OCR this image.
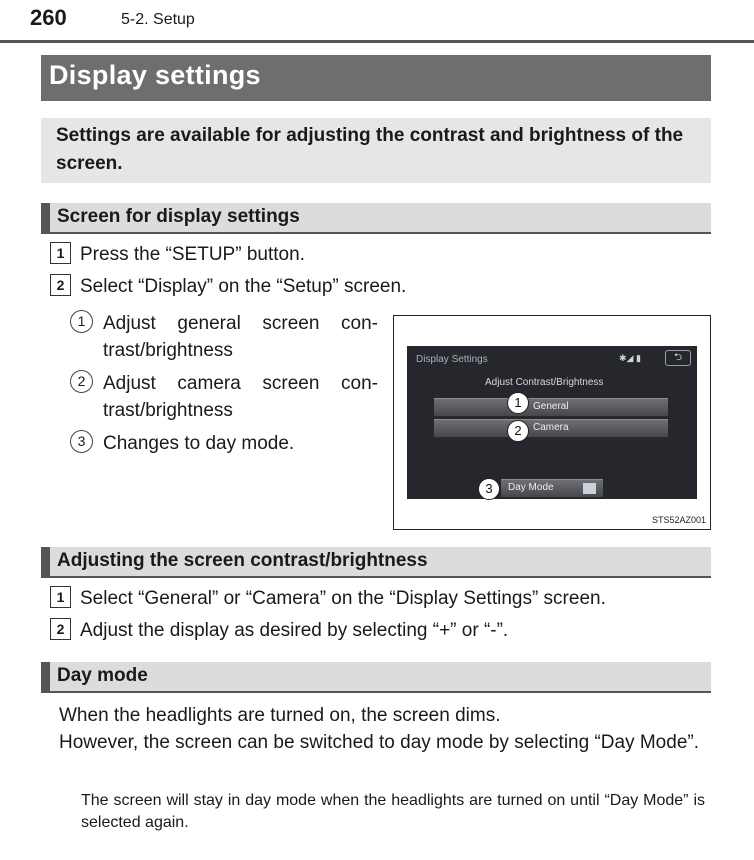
260	5-2. Setup
Display settings
Settings are available for adjusting the contrast and brightness of the screen.
Screen for display settings
1 Press the “SETUP” button.
2 Select “Display” on the “Setup” screen.
1 Adjust general screen con-
trast/brightness
2 Adjust camera screen con-
trast/brightness
3 Changes to day mode.
Display Settings	✱◢ ▮	⮌
Adjust Contrast/Brightness
General
Camera
Day Mode
1
2
3
STS52AZ001
Adjusting the screen contrast/brightness
1 Select “General” or “Camera” on the “Display Settings” screen.
2 Adjust the display as desired by selecting “+” or “-”.
Day mode
When the headlights are turned on, the screen dims.
However, the screen can be switched to day mode by selecting “Day Mode”.
The screen will stay in day mode when the headlights are turned on until “Day Mode” is selected again.
